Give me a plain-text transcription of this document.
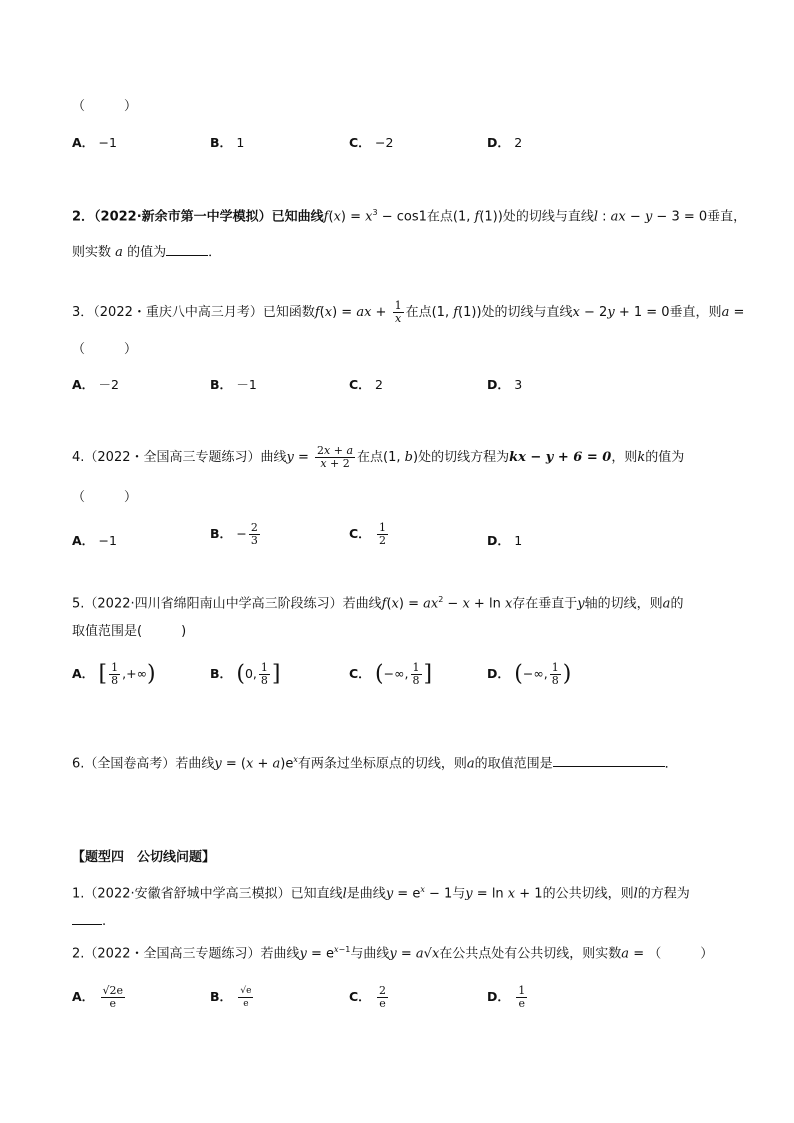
（　　　）
A． −1	B． 1	C． −2	D． 2
2．（2022·新余市第一中学模拟）已知曲线$f(x) = x^3 - \cos 1$在点(1, f(1))处的切线与直线l : ax − y − 3 = 0垂直，
则实数 a 的值为	．
3．（2022・重庆八中高三月考）已知函数f(x) = ax + $\frac{1}{x}$ 在点(1, f(1))处的切线与直线x − 2y + 1 = 0垂直，则a =
（　　　）
A． －2	B． －1	C． 2	D． 3
4.（2022・全国高三专题练习）曲线$y = \frac{2x + a}{x + 2}$ 在点(1, b)处的切线方程为kx − y + 6 = 0，则k的值为
（　　　）
A． −1	B． − $\frac{2}{3}$	C． $\frac{1}{2}$	D． 1
5.（2022·四川省绵阳南山中学高三阶段练习）若曲线$f(x) = ax^2 - x + \ln x$存在垂直于y轴的切线，则a的
取值范围是(　　　)
A． [ $\frac{1}{8}$ ,+∞)	B． (0, $\frac{1}{8}$ ]	C． (−∞, $\frac{1}{8}$ ]	D． (−∞, $\frac{1}{8}$ )
6.（全国卷高考）若曲线$y = (x + a)e^x$有两条过坐标原点的切线，则a的取值范围是	．
【题型四　公切线问题】
1.（2022·安徽省舒城中学高三模拟）已知直线l是曲线$y = e^x - 1$与y = ln x + 1的公共切线，则l的方程为
.
2.（2022・全国高三专题练习）若曲线$y = e^{x-1}$与曲线y = a√x在公共点处有公共切线，则实数a = （　　　）
A． $\frac{√2e}{e}$	B． $\frac{√e}{e}$	C． $\frac{2}{e}$	D． $\frac{1}{e}$
